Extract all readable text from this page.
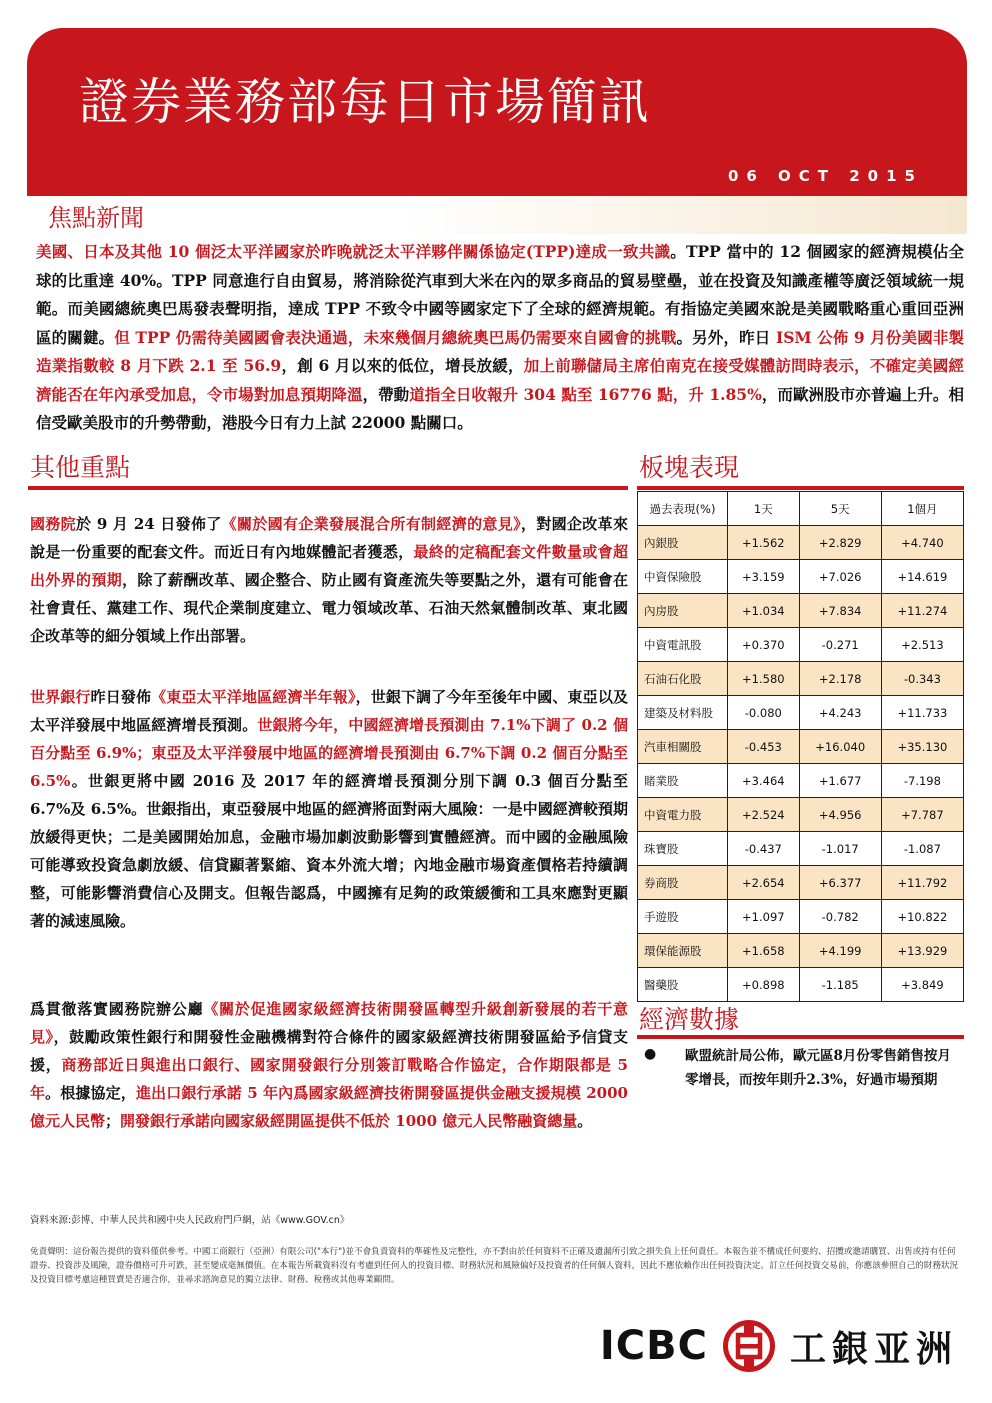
證券業務部每日市場簡訊
06 OCT 2015
焦點新聞
美國、日本及其他 10 個泛太平洋國家於昨晚就泛太平洋夥伴關係協定(TPP)達成一致共識。TPP 當中的 12 個國家的經濟規模佔全球的比重達 40%。TPP 同意進行自由貿易，將消除從汽車到大米在內的眾多商品的貿易壁壘，並在投資及知識產權等廣泛領域統一規範。而美國總統奧巴馬發表聲明指，達成 TPP 不致令中國等國家定下了全球的經濟規範。有指協定美國來說是美國戰略重心重回亞洲區的關鍵。但 TPP 仍需待美國國會表決通過，未來幾個月總統奧巴馬仍需要來自國會的挑戰。另外，昨日 ISM 公佈 9 月份美國非製造業指數較 8 月下跌 2.1 至 56.9，創 6 月以來的低位，增長放緩，加上前聯儲局主席伯南克在接受媒體訪問時表示，不確定美國經濟能否在年內承受加息，令市場對加息預期降溫，帶動道指全日收報升 304 點至 16776 點，升 1.85%，而歐洲股市亦普遍上升。相信受歐美股市的升勢帶動，港股今日有力上試 22000 點關口。
其他重點	板塊表現
國務院於 9 月 24 日發佈了《關於國有企業發展混合所有制經濟的意見》，對國企改革來說是一份重要的配套文件。而近日有內地媒體記者獲悉，最終的定稿配套文件數量或會超出外界的預期，除了薪酬改革、國企整合、防止國有資產流失等要點之外，還有可能會在社會責任、黨建工作、現代企業制度建立、電力領域改革、石油天然氣體制改革、東北國企改革等的細分領域上作出部署。
世界銀行昨日發佈《東亞太平洋地區經濟半年報》，世銀下調了今年至後年中國、東亞以及太平洋發展中地區經濟增長預測。世銀將今年，中國經濟增長預測由 7.1%下調了 0.2 個百分點至 6.9%；東亞及太平洋發展中地區的經濟增長預測由 6.7%下調 0.2 個百分點至 6.5%。世銀更將中國 2016 及 2017 年的經濟增長預測分別下調 0.3 個百分點至 6.7%及 6.5%。世銀指出，東亞發展中地區的經濟將面對兩大風險：一是中國經濟較預期放緩得更快；二是美國開始加息，金融市場加劇波動影響到實體經濟。而中國的金融風險可能導致投資急劇放緩、信貸顯著緊縮、資本外流大增；內地金融市場資產價格若持續調整，可能影響消費信心及開支。但報告認爲，中國擁有足夠的政策緩衝和工具來應對更顯著的減速風險。
爲貫徹落實國務院辦公廳《關於促進國家級經濟技術開發區轉型升級創新發展的若干意見》，鼓勵政策性銀行和開發性金融機構對符合條件的國家級經濟技術開發區給予信貸支援，商務部近日與進出口銀行、國家開發銀行分別簽訂戰略合作協定，合作期限都是 5 年。根據協定，進出口銀行承諾 5 年內爲國家級經濟技術開發區提供金融支援規模 2000 億元人民幣；開發銀行承諾向國家級經開區提供不低於 1000 億元人民幣融資總量。
過去表現(%)	1天	5天	1個月
內銀股	+1.562	+2.829	+4.740
中資保險股	+3.159	+7.026	+14.619
內房股	+1.034	+7.834	+11.274
中資電訊股	+0.370	-0.271	+2.513
石油石化股	+1.580	+2.178	-0.343
建築及材料股	-0.080	+4.243	+11.733
汽車相關股	-0.453	+16.040	+35.130
賭業股	+3.464	+1.677	-7.198
中資電力股	+2.524	+4.956	+7.787
珠寶股	-0.437	-1.017	-1.087
券商股	+2.654	+6.377	+11.792
手遊股	+1.097	-0.782	+10.822
環保能源股	+1.658	+4.199	+13.929
醫藥股	+0.898	-1.185	+3.849
經濟數據
● 歐盟統計局公佈，歐元區8月份零售銷售按月零增長，而按年則升2.3%，好過市場預期
資料來源:彭博、中華人民共和國中央人民政府門戶網，站《www.GOV.cn》
免責聲明：這份報告提供的資料僅供參考。中國工商銀行（亞洲）有限公司("本行")並不會負責資料的準確性及完整性，亦不對由於任何資料不正確及遺漏所引致之損失負上任何責任。本報告並不構成任何要約、招攬或邀請購買、出售或持有任何證券、投資涉及風險，證券價格可升可跌，甚至變成毫無價值。在本報告所載資料沒有考慮到任何人的投資目標、財務狀況和風險偏好及投資者的任何個人資料，因此不應依賴作出任何投資決定。訂立任何投資交易前，你應該參照自己的財務狀況及投資目標考慮這種買賣是否適合你，並尋求諮詢意見的獨立法律、財務、稅務或其他專業顧問。
ICBC 工銀亚洲
